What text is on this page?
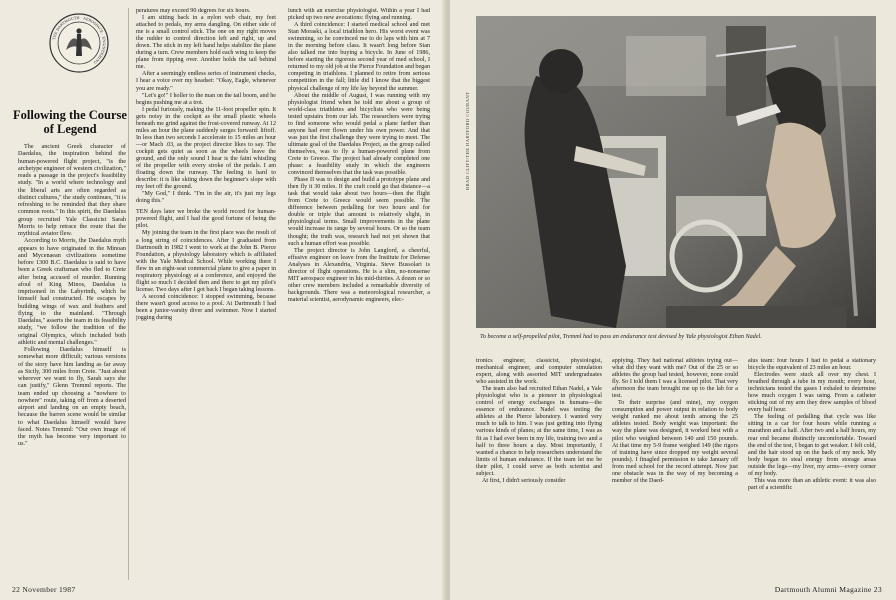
THE DARTMOUTH · AEROSPACE · ENGINEERING
Following the Course of Legend

The ancient Greek character of Daedalus, the inspiration behind the human-powered flight project, "is the archetype engineer of western civilization," reads a passage in the project's feasibility study. "In a world where technology and the liberal arts are often regarded as distinct cultures," the study continues, "it is refreshing to be reminded that they share common roots." In this spirit, the Daedalus group recruited Yale Classicist Sarah Morris to help retrace the route that the mythical aviator flew.

According to Morris, the Daedalus myth appears to have originated in the Minoan and Mycenaean civilizations sometime before 1300 B.C. Daedalus is said to have been a Greek craftsman who fled to Crete after being accused of murder. Running afoul of King Minos, Daedalus is imprisoned in the Labyrinth, which he himself had constructed. He escapes by building wings of wax and feathers and flying to the mainland. "Through Daedalus," asserts the team in its feasibility study, "we follow the tradition of the original Olympics, which included both athletic and mental challenges."

Following Daedalus himself is somewhat more difficult; various versions of the story have him landing as far away as Sicily, 300 miles from Crete. "Just about wherever we want to fly, Sarah says she can justify," Glenn Tremml reports. The team ended up choosing a "nowhere to nowhere" route, taking off from a deserted airport and landing on an empty beach, because the barren scene would be similar to what Daedalus himself would have faced. Notes Tremml: "Our own image of the myth has become very important to us."

peratures may exceed 90 degrees for six hours.

I am sitting back in a nylon web chair, my feet attached to pedals, my arms dangling. On either side of me is a small control stick. The one on my right moves the rudder to control direction left and right, up and down. The stick in my left hand helps stabilize the plane during a turn. Crew members hold each wing to keep the plane from tipping over. Another holds the tail behind me.

After a seemingly endless series of instrument checks, I hear a voice over my headset: "Okay, Eagle, whenever you are ready."

"Let's go!" I holler to the man on the tail boom, and he begins pushing me at a trot.

I pedal furiously, making the 11-foot propeller spin. It gets noisy in the cockpit as the small plastic wheels beneath me grind against the frost-covered runway. At 12 miles an hour the plane suddenly surges forward: liftoff. In less than two seconds I accelerate to 15 miles an hour—or Mach .03, as the project director likes to say. The cockpit gets quiet as soon as the wheels leave the ground, and the only sound I hear is the faint whistling of the propeller with every stroke of the pedals. I am floating down the runway. The feeling is hard to describe: it is like skiing down the beginner's slope with my feet off the ground.

"My God," I think. "I'm in the air, it's just my legs doing this."

TEN days later we broke the world record for human-powered flight, and I had the good fortune of being the pilot.

My joining the team in the first place was the result of a long string of coincidences. After I graduated from Dartmouth in 1982 I went to work at the John B. Pierce Foundation, a physiology laboratory which is affiliated with the Yale Medical School. While working there I flew in an eight-seat commercial plane to give a paper in respiratory physiology at a conference, and enjoyed the flight so much I decided then and there to get my pilot's license. Two days after I got back I began taking lessons.

A second coincidence: I stopped swimming, because there wasn't good access to a pool. At Dartmouth I had been a junior-varsity diver and swimmer. Now I started jogging during

lunch with an exercise physiologist. Within a year I had picked up two new avocations: flying and running.

A third coincidence: I started medical school and met Stan Moraski, a local triathlon hero. His worst event was swimming, so he convinced me to do laps with him at 7 in the morning before class. It wasn't long before Stan also talked me into buying a bicycle. In June of 1986, before starting the rigorous second year of med school, I returned to my old job at the Pierce Foundation and began competing in triathlons. I planned to retire from serious competition in the fall; little did I know that the biggest physical challenge of my life lay beyond the summer.

About the middle of August, I was running with my physiologist friend when he told me about a group of world-class triathletes and bicyclists who were being tested upstairs from our lab. The researchers were trying to find someone who would pedal a plane farther than anyone had ever flown under his own power. And that was just the first challenge they were trying to meet. The ultimate goal of the Daedalus Project, as the group called themselves, was to fly a human-powered plane from Crete to Greece. The project had already completed one phase: a feasibility study in which the engineers convinced themselves that the task was possible.

Phase II was to design and build a prototype plane and then fly it 30 miles. If the craft could go that distance—a task that would take about two hours—then the flight from Crete to Greece would seem possible. The difference between pedalling for two hours and for double or triple that amount is relatively slight, in physiological terms. Small improvements in the plane would increase its range by several hours. Or so the team thought; the truth was, research had not yet shown that such a human effort was possible.

The project director is John Langford, a cheerful, effusive engineer on leave from the Institute for Defense Analyses in Alexandria, Virginia. Steve Bussolari is director of flight operations. He is a slim, no-nonsense MIT aerospace engineer in his mid-thirties. A dozen or so other crew members included a remarkable diversity of backgrounds. There was a meteorological researcher, a material scientist, aerodynamic engineers, elec-

22 November 1987
BRAD CLIFT/THE HARTFORD COURANT
To become a self-propelled pilot, Tremml had to pass an endurance test devised by Yale physiologist Ethan Nadel.

tronics engineer, classicist, physiologist, mechanical engineer, and computer simulation expert, along with assorted MIT undergraduates who assisted in the work.

The team also had recruited Ethan Nadel, a Yale physiologist who is a pioneer in physiological control of energy exchanges in humans—the essence of endurance. Nadel was testing the athletes at the Pierce laboratory. I wanted very much to talk to him. I was just getting into flying various kinds of planes; at the same time, I was as fit as I had ever been in my life, training two and a half to three hours a day. Most importantly, I wanted a chance to help researchers understand the limits of human endurance. If the team let me be their pilot, I could serve as both scientist and subject.

At first, I didn't seriously consider

applying. They had national athletes trying out—what did they want with me? Out of the 25 or so athletes the group had tested, however, none could fly. So I told them I was a licensed pilot. That very afternoon the team brought me up to the lab for a test.

To their surprise (and mine), my oxygen consumption and power output in relation to body weight ranked me about tenth among the 25 athletes tested. Body weight was important: the way the plane was designed, it worked best with a pilot who weighed between 140 and 150 pounds. At that time my 5-9 frame weighed 149 (the rigors of training have since dropped my weight several pounds). I finagled permission to take January off from med school for the record attempt. Now just one obstacle was in the way of my becoming a member of the Daed-

alus team: four hours I had to pedal a stationary bicycle the equivalent of 23 miles an hour.

Electrodes were stuck all over my chest. I breathed through a tube in my mouth; every hour, technicians tested the gases I exhaled to determine how much oxygen I was using. From a catheter sticking out of my arm they drew samples of blood every half hour.

The feeling of pedalling that cycle was like sitting in a car for four hours while running a marathon and a half. After two and a half hours, my rear end became distinctly uncomfortable. Toward the end of the test, I began to get weaker. I felt cold, and the hair stood up on the back of my neck. My body began to steal energy from storage areas outside the legs—my liver, my arms—every corner of my body.

This was more than an athletic event: it was also part of a scientific

Dartmouth Alumni Magazine 23
